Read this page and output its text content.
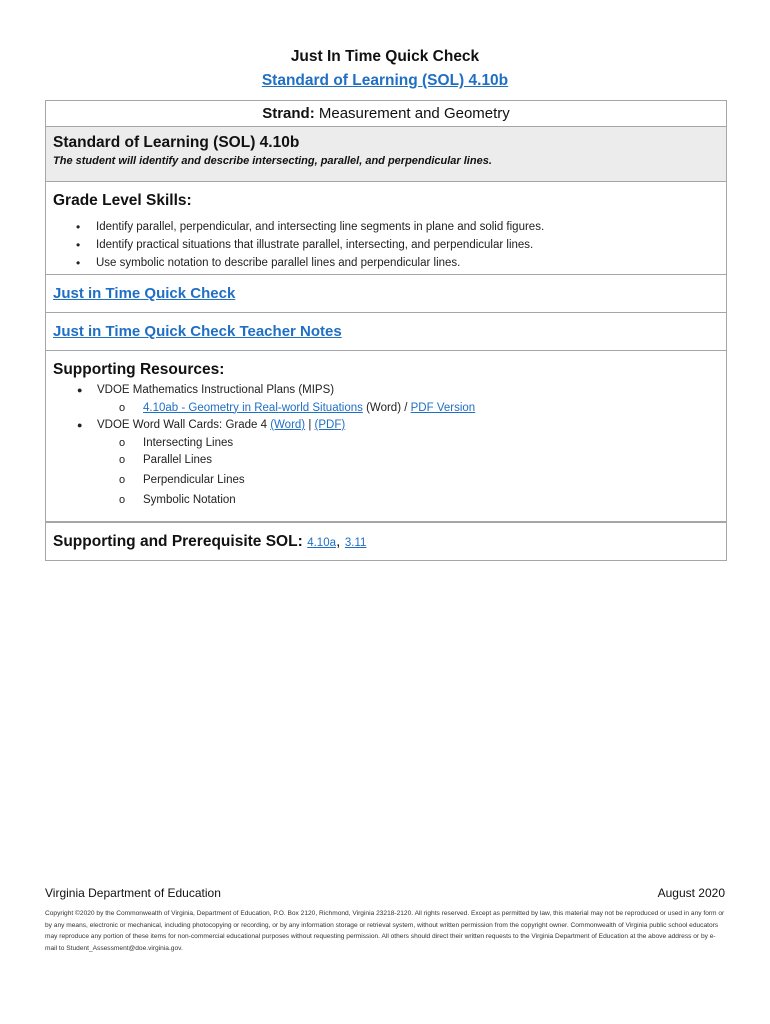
Just In Time Quick Check
Standard of Learning (SOL) 4.10b
Strand: Measurement and Geometry
Standard of Learning (SOL) 4.10b
The student will identify and describe intersecting, parallel, and perpendicular lines.
Grade Level Skills:
• Identify parallel, perpendicular, and intersecting line segments in plane and solid figures.
• Identify practical situations that illustrate parallel, intersecting, and perpendicular lines.
• Use symbolic notation to describe parallel lines and perpendicular lines.
Just in Time Quick Check
Just in Time Quick Check Teacher Notes
Supporting Resources:
● VDOE Mathematics Instructional Plans (MIPS)
o 4.10ab - Geometry in Real-world Situations (Word) / PDF Version
● VDOE Word Wall Cards: Grade 4 (Word) | (PDF)
o Intersecting Lines
o Parallel Lines
o Perpendicular Lines
o Symbolic Notation
Supporting and Prerequisite SOL: 4.10a, 3.11
Virginia Department of Education	August 2020
Copyright ©2020 by the Commonwealth of Virginia, Department of Education, P.O. Box 2120, Richmond, Virginia 23218-2120. All rights reserved. Except as permitted by law, this material may not be reproduced or used in any form or by any means, electronic or mechanical, including photocopying or recording, or by any information storage or retrieval system, without written permission from the copyright owner. Commonwealth of Virginia public school educators may reproduce any portion of these items for non-commercial educational purposes without requesting permission. All others should direct their written requests to the Virginia Department of Education at the above address or by e-mail to Student_Assessment@doe.virginia.gov.
